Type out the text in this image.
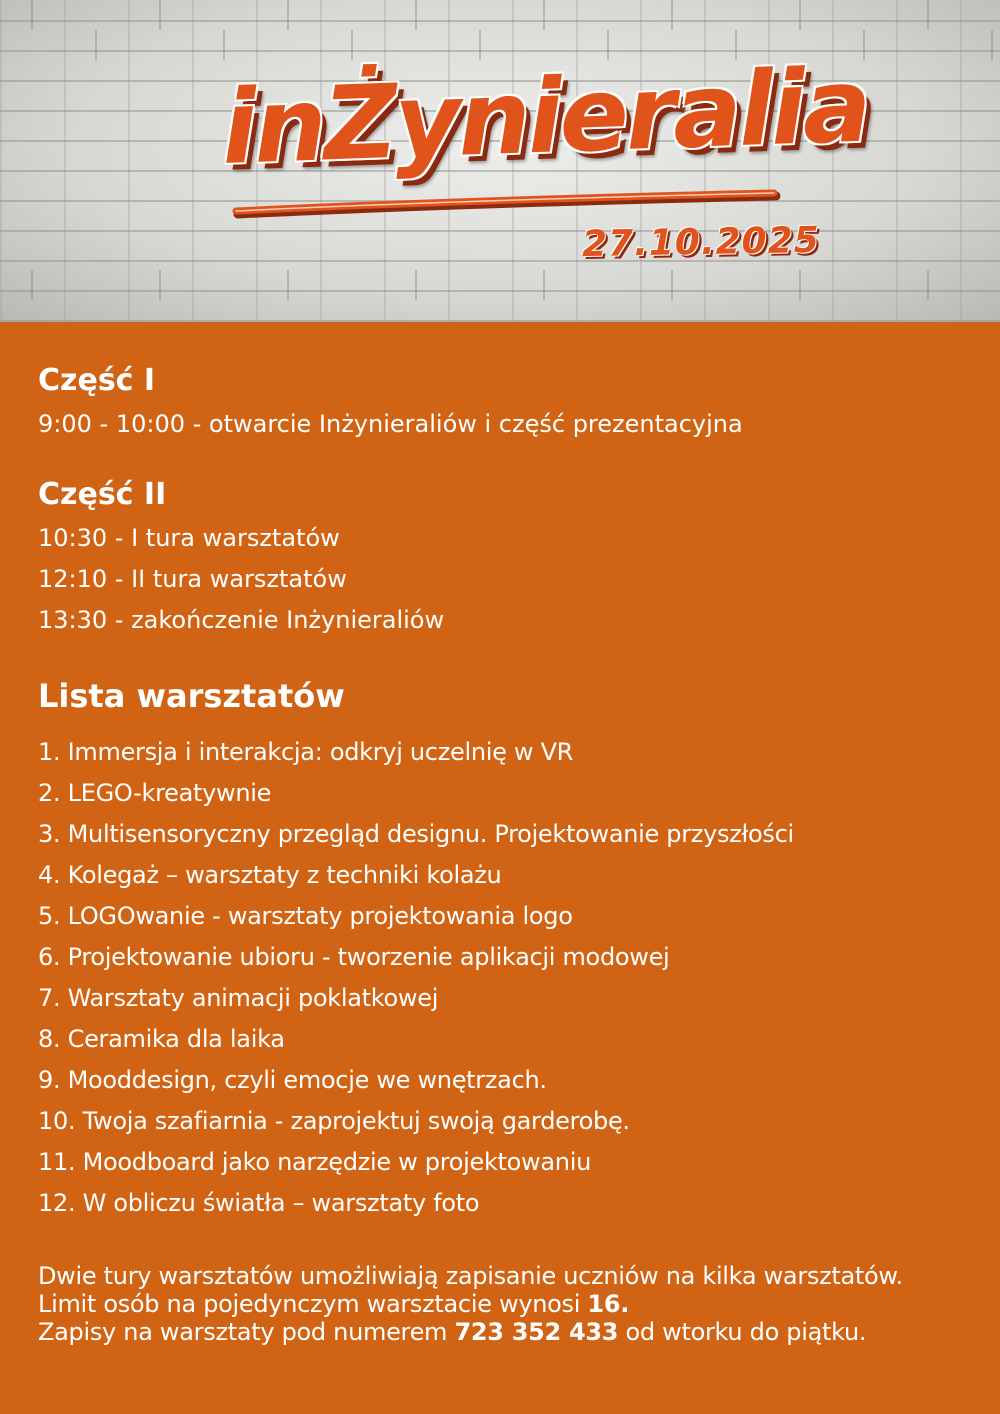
inŻynieralia
27.10.2025
Część I

9:00 - 10:00 - otwarcie Inżynieraliów i część prezentacyjna

Część II

10:30 - I tura warsztatów

12:10 - II tura warsztatów

13:30 - zakończenie Inżynieraliów

Lista warsztatów

1. Immersja i interakcja: odkryj uczelnię w VR

2. LEGO-kreatywnie

3. Multisensoryczny przegląd designu. Projektowanie przyszłości

4. Kolegaż – warsztaty z techniki kolażu

5. LOGOwanie - warsztaty projektowania logo

6. Projektowanie ubioru - tworzenie aplikacji modowej

7. Warsztaty animacji poklatkowej

8. Ceramika dla laika

9. Mooddesign, czyli emocje we wnętrzach.

10. Twoja szafiarnia - zaprojektuj swoją garderobę.

11. Moodboard jako narzędzie w projektowaniu

12. W obliczu światła – warsztaty foto

Dwie tury warsztatów umożliwiają zapisanie uczniów na kilka warsztatów.

Limit osób na pojedynczym warsztacie wynosi 16.

Zapisy na warsztaty pod numerem 723 352 433 od wtorku do piątku.
